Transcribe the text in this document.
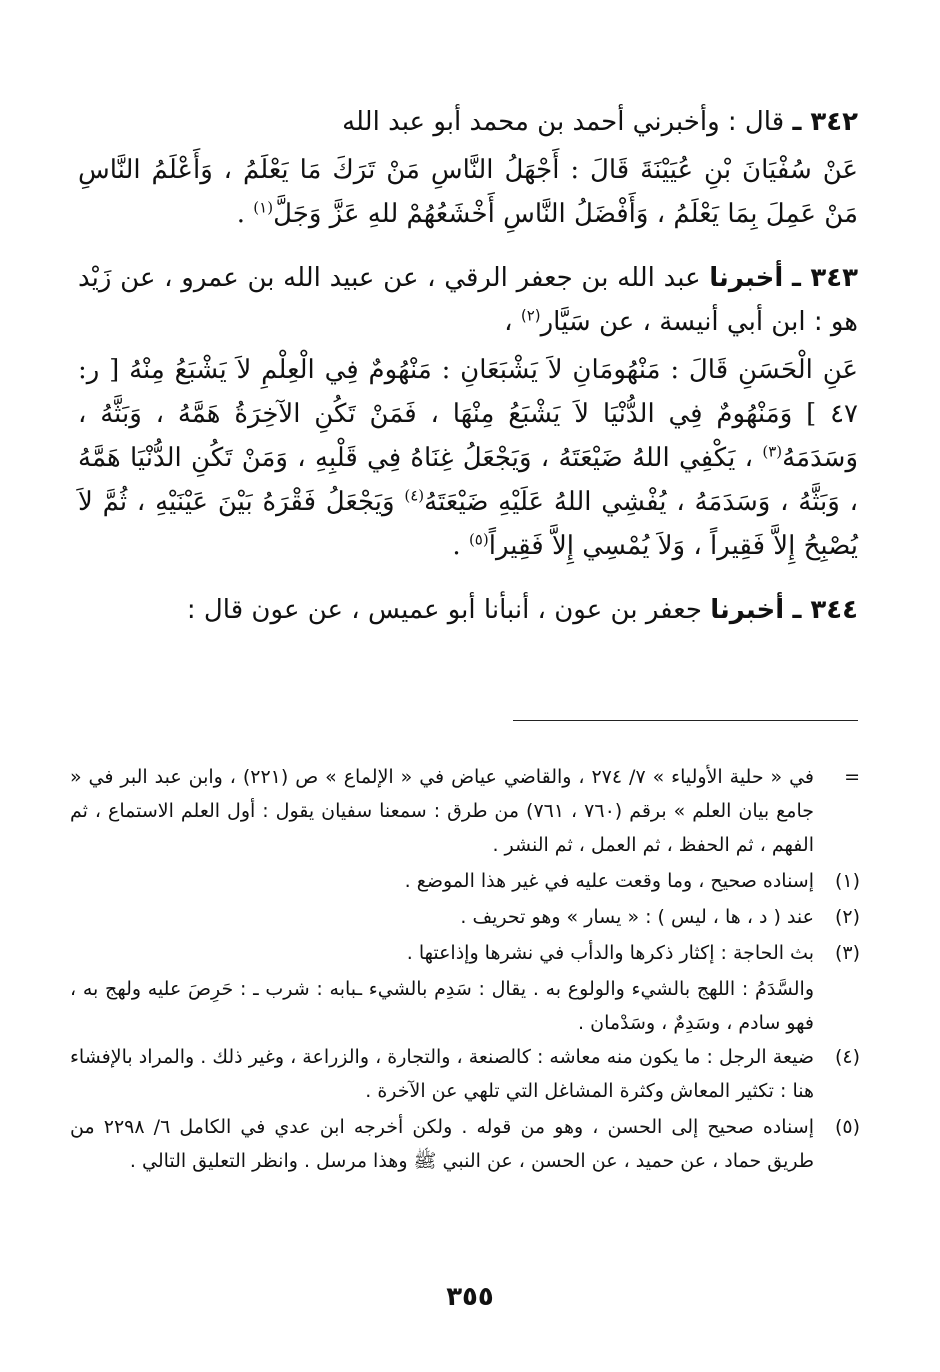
٣٤٢ ـ قال : وأخبرني أحمد بن محمد أبو عبد الله

عَنْ سُفْيَانَ بْنِ عُيَيْنَةَ قَالَ : أَجْهَلُ النَّاسِ مَنْ تَرَكَ مَا يَعْلَمُ ، وَأَعْلَمُ النَّاسِ مَنْ عَمِلَ بِمَا يَعْلَمُ ، وَأَفْضَلُ النَّاسِ أَخْشَعُهُمْ للهِ عَزَّ وَجَلَّ$^{(١)}$ .

٣٤٣ ـ أخبرنا عبد الله بن جعفر الرقي ، عن عبيد الله بن عمرو ، عن زَيْد هو : ابن أبي أنيسة ، عن سَيَّار$^{(٢)}$ ،

عَنِ الْحَسَنِ قَالَ : مَنْهُومَانِ لاَ يَشْبَعَانِ : مَنْهُومٌ فِي الْعِلْمِ لاَ يَشْبَعُ مِنْهُ [ ر: ٤٧ ] وَمَنْهُومٌ فِي الدُّنْيَا لاَ يَشْبَعُ مِنْهَا ، فَمَنْ تَكُنِ الآخِرَةُ هَمَّهُ ، وَبَثَّهُ ، وَسَدَمَهُ$^{(٣)}$ ، يَكْفِي اللهُ ضَيْعَتَهُ ، وَيَجْعَلُ غِنَاهُ فِي قَلْبِهِ ، وَمَنْ تَكُنِ الدُّنْيَا هَمَّهُ ، وَبَثَّهُ ، وَسَدَمَهُ ، يُفْشِي اللهُ عَلَيْهِ ضَيْعَتَهُ$^{(٤)}$ وَيَجْعَلُ فَقْرَهُ بَيْنَ عَيْنَيْهِ ، ثُمَّ لاَ يُصْبِحُ إِلاَّ فَقِيراً ، وَلاَ يُمْسِي إِلاَّ فَقِيراً$^{(٥)}$ .

٣٤٤ ـ أخبرنا جعفر بن عون ، أنبأنا أبو عميس ، عن عون قال :

=

في « حلية الأولياء » ٧/ ٢٧٤ ، والقاضي عياض في « الإلماع » ص (٢٢١) ، وابن عبد البر في « جامع بيان العلم » برقم (٧٦٠ ، ٧٦١) من طرق : سمعنا سفيان يقول : أول العلم الاستماع ، ثم الفهم ، ثم الحفظ ، ثم العمل ، ثم النشر .

(١)

إسناده صحيح ، وما وقعت عليه في غير هذا الموضع .

(٢)

عند ( د ، ها ، ليس ) : « يسار » وهو تحريف .

(٣)

بث الحاجة : إكثار ذكرها والدأب في نشرها وإذاعتها .

والسَّدَمُ : اللهج بالشيء والولوع به . يقال : سَدِم بالشيء ـبابه : شرب ـ : حَرِصَ عليه ولهج به ، فهو سادم ، وسَدِمٌ ، وسَدْمان .

(٤)

ضيعة الرجل : ما يكون منه معاشه : كالصنعة ، والتجارة ، والزراعة ، وغير ذلك . والمراد بالإفشاء هنا : تكثير المعاش وكثرة المشاغل التي تلهي عن الآخرة .

(٥)

إسناده صحيح إلى الحسن ، وهو من قوله . ولكن أخرجه ابن عدي في الكامل ٦/ ٢٢٩٨ من طريق حماد ، عن حميد ، عن الحسن ، عن النبي ﷺ وهذا مرسل . وانظر التعليق التالي .

٣٥٥
